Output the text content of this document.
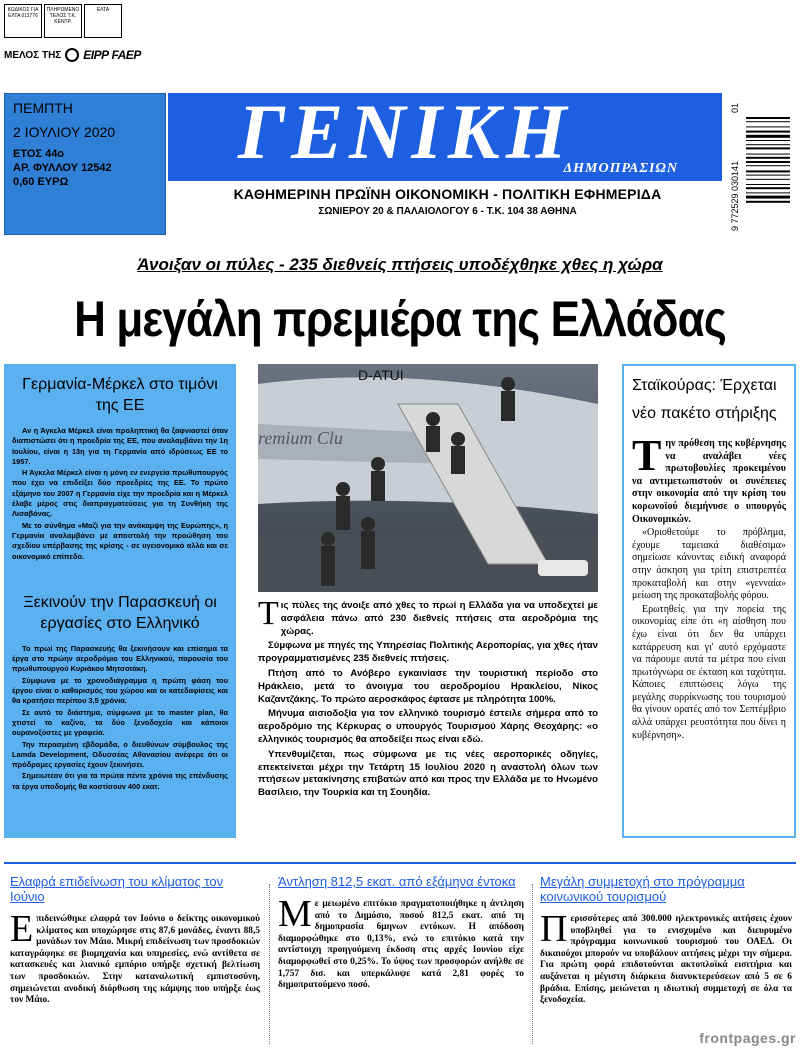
ΚΩΔΙΚΟΣ ΓΙΑ ΕΛΤΑ 011776
ΠΛΗΡΩΜΕΝΟ ΤΕΛΟΣ Τ.Κ. ΚΕΝΤΡ.
ΕΛΤΑ
ΜΕΛΟΣ ΤΗΣ ΕΙΡΡ FAEP
ΠΕΜΠΤΗ
2 ΙΟΥΛΙΟΥ 2020
ΕΤΟΣ 44ο
ΑΡ. ΦΥΛΛΟΥ 12542
0,60 ΕΥΡΩ
ΓΕΝΙΚΗ
ΔΗΜΟΠΡΑΣΙΩΝ
ΚΑΘΗΜΕΡΙΝΗ ΠΡΩΪΝΗ ΟΙΚΟΝΟΜΙΚΗ - ΠΟΛΙΤΙΚΗ ΕΦΗΜΕΡΙΔΑ
ΣΩΝΙΕΡΟΥ 20 & ΠΑΛΑΙΟΛΟΓΟΥ 6 - Τ.Κ. 104 38 ΑΘΗΝΑ	9 772529 030141
01
Άνοιξαν οι πύλες - 235 διεθνείς πτήσεις υποδέχθηκε χθες η χώρα
Η μεγάλη πρεμιέρα της Ελλάδας
Γερμανία-Μέρκελ στο τιμόνι της ΕΕ

Αν η Άγκελα Μέρκελ είναι προληπτική θα ξαφνιαστεί όταν διαπιστώσει ότι η προεδρία της ΕΕ, που αναλαμβάνει την 1η Ιουλίου, είναι η 13η για τη Γερμανία από ιδρύσεως ΕΕ το 1957.

Η Άγκελα Μέρκελ είναι η μόνη εν ενεργεία πρωθυπουργός που έχει να επιδείξει δύο προεδρίες της ΕΕ. Το πρώτο εξάμηνο του 2007 η Γερμανία είχε την προεδρία και η Μέρκελ έλαβε μέρος στις διαπραγματεύσεις για τη Συνθήκη της Λισαβόνας.

Με το σύνθημα «Μαζί για την ανάκαμψη της Ευρώπης», η Γερμανία αναλαμβάνει με αποστολή την προώθηση του σχεδίου υπέρβασης της κρίσης - σε υγειονομικό αλλά και σε οικονομικό επίπεδο.

Ξεκινούν την Παρασκευή οι εργασίες στο Ελληνικό

Το πρωί της Παρασκευής θα ξεκινήσουν και επίσημα τα έργα στο πρώην αεροδρόμιο του Ελληνικού, παρουσία του πρωθυπουργού Κυριάκου Μητσοτάκη.

Σύμφωνα με το χρονοδιάγραμμα η πρώτη φάση του έργου είναι ο καθαρισμός του χώρου και οι κατεδαφίσεις και θα κρατήσει περίπου 3,5 χρόνια.

Σε αυτό το διάστημα, σύμφωνα με το master plan, θα χτιστεί το καζίνο, τα δύο ξενοδοχεία και κάποιοι ουρανοξύστες με γραφεία.

Την περασμένη εβδομάδα, ο διευθύνων σύμβουλος της Lamda Development, Οδυσσέας Αθανασίου ανέφερε ότι οι πρόδρομες εργασίες έχουν ξεκινήσει.

Σημειωτέον ότι για τα πρώτα πέντε χρόνια της επένδυσης τα έργα υποδομής θα κοστίσουν 400 εκατ.

D-ATUI
remium Clu

Τις πύλες της άνοιξε από χθες το πρωί η Ελλάδα για να υποδεχτεί με ασφάλεια πάνω από 230 διεθνείς πτήσεις στα αεροδρόμια της χώρας.

Σύμφωνα με πηγές της Υπηρεσίας Πολιτικής Αεροπορίας, για χθες ήταν προγραμματισμένες 235 διεθνείς πτήσεις.

Πτήση από το Ανόβερο εγκαινίασε την τουριστική περίοδο στο Ηράκλειο, μετά το άνοιγμα του αεροδρομίου Ηρακλείου, Νίκος Καζαντζάκης. Το πρώτο αεροσκάφος έφτασε με πληρότητα 100%.

Μήνυμα αισιοδοξία για τον ελληνικό τουρισμό έστειλε σήμερα από το αεροδρόμιο της Κέρκυρας ο υπουργός Τουρισμού Χάρης Θεοχάρης: «ο ελληνικός τουρισμός θα αποδείξει πως είναι εδώ.

Υπενθυμίζεται, πως σύμφωνα με τις νέες αεροπορικές οδηγίες, επεκτείνεται μέχρι την Τετάρτη 15 Ιουλίου 2020 η αναστολή όλων των πτήσεων μετακίνησης επιβατών από και προς την Ελλάδα με το Ηνωμένο Βασίλειο, την Τουρκία και τη Σουηδία.

Σταϊκούρας: Έρχεται νέο πακέτο στήριξης

Την πρόθεση της κυβέρνησης να αναλάβει νέες πρωτοβουλίες προκειμένου να αντιμετωπιστούν οι συνέπειες στην οικονομία από την κρίση του κορωνοϊού διεμήνυσε ο υπουργός Οικονομικών.

«Οριοθετούμε το πρόβλημα, έχουμε ταμειακά διαθέσιμα» σημείωσε κάνοντας ειδική αναφορά στην άσκηση για τρίτη επιστρεπτέα προκαταβολή και στην «γενναία» μείωση της προκαταβολής φόρου.

Ερωτηθείς για την πορεία της οικονομίας είπε ότι «η αίσθηση που έχω είναι ότι δεν θα υπάρχει κατάρρευση και γι' αυτό ερχόμαστε να πάρουμε αυτά τα μέτρα που είναι πρωτόγνωρα σε έκταση και ταχύτητα. Κάποιες επιπτώσεις λόγω της μεγάλης συρρίκνωσης του τουρισμού θα γίνουν ορατές από τον Σεπτέμβριο αλλά υπάρχει ρευστότητα που δίνει η κυβέρνηση».

Ελαφρά επιδείνωση του κλίματος τον Ιούνιο
Επιδεινώθηκε ελαφρά τον Ιούνιο ο δείκτης οικονομικού κλίματος και υποχώρησε στις 87,6 μονάδες, έναντι 88,5 μονάδων τον Μάιο. Μικρή επιδείνωση των προσδοκιών καταγράφηκε σε βιομηχανία και υπηρεσίες, ενώ αντίθετα σε κατασκευές και λιανικό εμπόριο υπήρξε σχετική βελτίωση των προσδοκιών. Στην καταναλωτική εμπιστοσύνη, σημειώνεται ανοδική διόρθωση της κάμψης που υπήρξε έως τον Μάιο.
Άντληση 812,5 εκατ. από εξάμηνα έντοκα
Με μειωμένο επιτόκιο πραγματοποιήθηκε η άντληση από το Δημόσιο, ποσού 812,5 εκατ. από τη δημοπρασία 6μηνων εντόκων. Η απόδοση διαμορφώθηκε στο 0,13%, ενώ το επιτόκιο κατά την αντίστοιχη προηγούμενη έκδοση στις αρχές Ιουνίου είχε διαμορφωθεί στο 0,25%. Το ύψος των προσφορών ανήλθε σε 1,757 δισ. και υπερκάλυψε κατά 2,81 φορές το δημοπρατούμενο ποσό.
Μεγάλη συμμετοχή στο πρόγραμμα κοινωνικού τουρισμού
Περισσότερες από 300.000 ηλεκτρονικές αιτήσεις έχουν υποβληθεί για το ενισχυμένο και διευρυμένο πρόγραμμα κοινωνικού τουρισμού του ΟΑΕΔ. Οι δικαιούχοι μπορούν να υποβάλουν αιτήσεις μέχρι την σήμερα. Για πρώτη φορά επιδοτούνται ακτοπλοϊκά εισιτήρια και αυξάνεται η μέγιστη διάρκεια διανυκτερεύσεων από 5 σε 6 βράδια. Επίσης, μειώνεται η ιδιωτική συμμετοχή σε όλα τα ξενοδοχεία.
frontpages.gr
